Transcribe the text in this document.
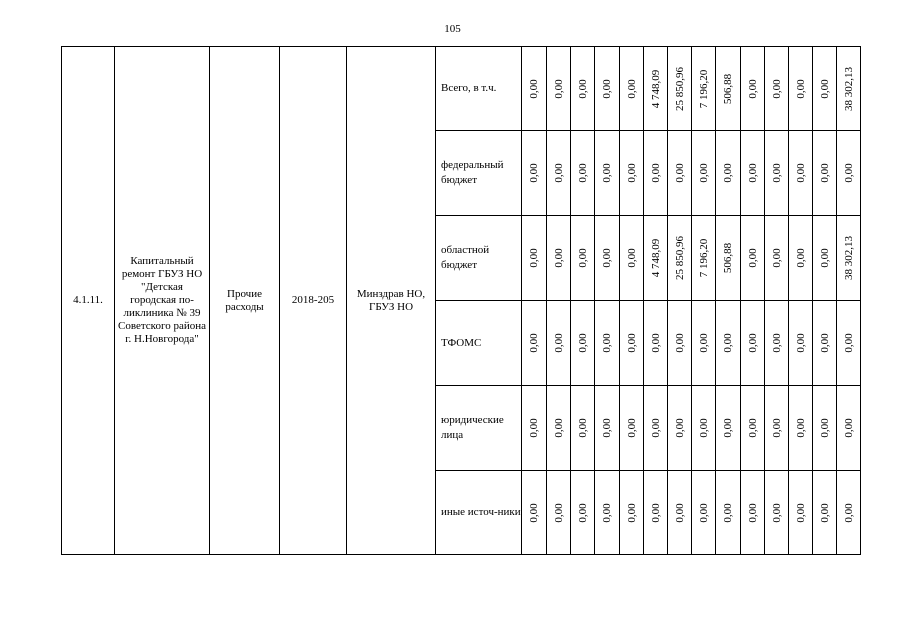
105
4.1.11.	Капитальный ремонт ГБУЗ НО "Детская городская по-ликлиника № 39 Советского района г. Н.Новгорода"	Прочие расходы	2018-205	Минздрав НО, ГБУЗ НО	Всего, в т.ч.	0,00	0,00	0,00	0,00	0,00	4 748,09	25 850,96	7 196,20	506,88	0,00	0,00	0,00	0,00	38 302,13

					федеральный бюджет	0,00	0,00	0,00	0,00	0,00	0,00	0,00	0,00	0,00	0,00	0,00	0,00	0,00	0,00

					областной бюджет	0,00	0,00	0,00	0,00	0,00	4 748,09	25 850,96	7 196,20	506,88	0,00	0,00	0,00	0,00	38 302,13

					ТФОМС	0,00	0,00	0,00	0,00	0,00	0,00	0,00	0,00	0,00	0,00	0,00	0,00	0,00	0,00

					юридические лица	0,00	0,00	0,00	0,00	0,00	0,00	0,00	0,00	0,00	0,00	0,00	0,00	0,00	0,00

					иные источ-ники	0,00	0,00	0,00	0,00	0,00	0,00	0,00	0,00	0,00	0,00	0,00	0,00	0,00	0,00
